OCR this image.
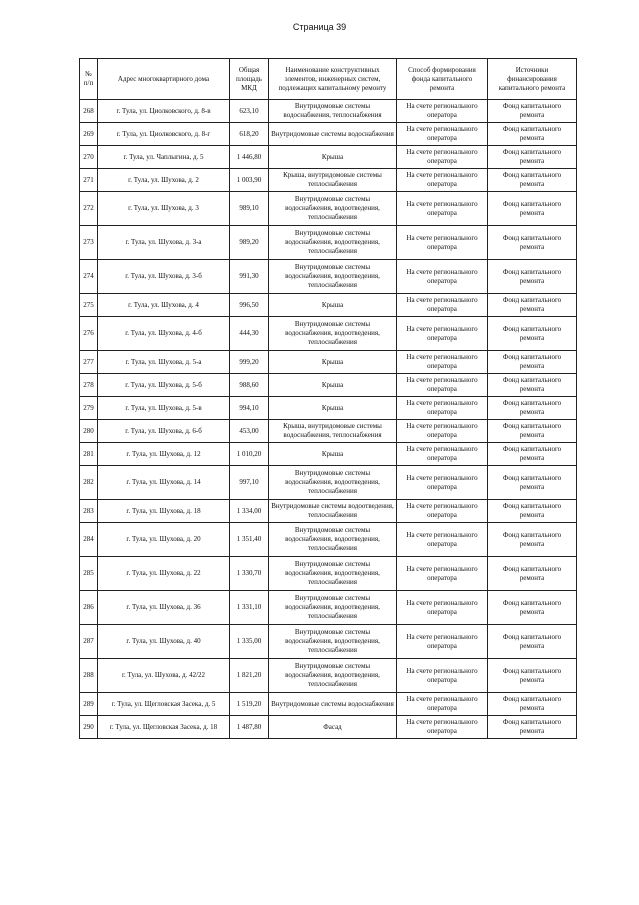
Страница 39
№ п/п	Адрес многоквартирного дома	Общая площадь МКД	Наименование конструктивных элементов, инженерных систем, подлежащих капитальному ремонту	Способ формирования фонда капитального ремонта	Источники финансирования капитального ремонта
268	г. Тула, ул. Циолковского, д. 8-в	623,10	Внутридомовые системы водоснабжения, теплоснабжения	На счете регионального оператора	Фонд капитального ремонта
269	г. Тула, ул. Циолковского, д. 8-г	618,20	Внутридомовые системы водоснабжения	На счете регионального оператора	Фонд капитального ремонта
270	г. Тула, ул. Чаплыгина, д. 5	1 446,80	Крыша	На счете регионального оператора	Фонд капитального ремонта
271	г. Тула, ул. Шухова, д. 2	1 003,90	Крыша, внутридомовые системы теплоснабжения	На счете регионального оператора	Фонд капитального ремонта
272	г. Тула, ул. Шухова, д. 3	989,10	Внутридомовые системы водоснабжения, водоотведения, теплоснабжения	На счете регионального оператора	Фонд капитального ремонта
273	г. Тула, ул. Шухова, д. 3-а	989,20	Внутридомовые системы водоснабжения, водоотведения, теплоснабжения	На счете регионального оператора	Фонд капитального ремонта
274	г. Тула, ул. Шухова, д. 3-б	991,30	Внутридомовые системы водоснабжения, водоотведения, теплоснабжения	На счете регионального оператора	Фонд капитального ремонта
275	г. Тула, ул. Шухова, д. 4	996,50	Крыша	На счете регионального оператора	Фонд капитального ремонта
276	г. Тула, ул. Шухова, д. 4-б	444,30	Внутридомовые системы водоснабжения, водоотведения, теплоснабжения	На счете регионального оператора	Фонд капитального ремонта
277	г. Тула, ул. Шухова, д. 5-а	999,20	Крыша	На счете регионального оператора	Фонд капитального ремонта
278	г. Тула, ул. Шухова, д. 5-б	988,60	Крыша	На счете регионального оператора	Фонд капитального ремонта
279	г. Тула, ул. Шухова, д. 5-в	994,10	Крыша	На счете регионального оператора	Фонд капитального ремонта
280	г. Тула, ул. Шухова, д. 6-б	453,00	Крыша, внутридомовые системы водоснабжения, теплоснабжения	На счете регионального оператора	Фонд капитального ремонта
281	г. Тула, ул. Шухова, д. 12	1 010,20	Крыша	На счете регионального оператора	Фонд капитального ремонта
282	г. Тула, ул. Шухова, д. 14	997,10	Внутридомовые системы водоснабжения, водоотведения, теплоснабжения	На счете регионального оператора	Фонд капитального ремонта
283	г. Тула, ул. Шухова, д. 18	1 334,00	Внутридомовые системы водоотведения, теплоснабжения	На счете регионального оператора	Фонд капитального ремонта
284	г. Тула, ул. Шухова, д. 20	1 351,40	Внутридомовые системы водоснабжения, водоотведения, теплоснабжения	На счете регионального оператора	Фонд капитального ремонта
285	г. Тула, ул. Шухова, д. 22	1 330,70	Внутридомовые системы водоснабжения, водоотведения, теплоснабжения	На счете регионального оператора	Фонд капитального ремонта
286	г. Тула, ул. Шухова, д. 36	1 331,10	Внутридомовые системы водоснабжения, водоотведения, теплоснабжения	На счете регионального оператора	Фонд капитального ремонта
287	г. Тула, ул. Шухова, д. 40	1 335,00	Внутридомовые системы водоснабжения, водоотведения, теплоснабжения	На счете регионального оператора	Фонд капитального ремонта
288	г. Тула, ул. Шухова, д. 42/22	1 821,20	Внутридомовые системы водоснабжения, водоотведения, теплоснабжения	На счете регионального оператора	Фонд капитального ремонта
289	г. Тула, ул. Щегловская Засека, д. 5	1 519,20	Внутридомовые системы водоснабжения	На счете регионального оператора	Фонд капитального ремонта
290	г. Тула, ул. Щегловская Засека, д. 18	1 487,80	Фасад	На счете регионального оператора	Фонд капитального ремонта
